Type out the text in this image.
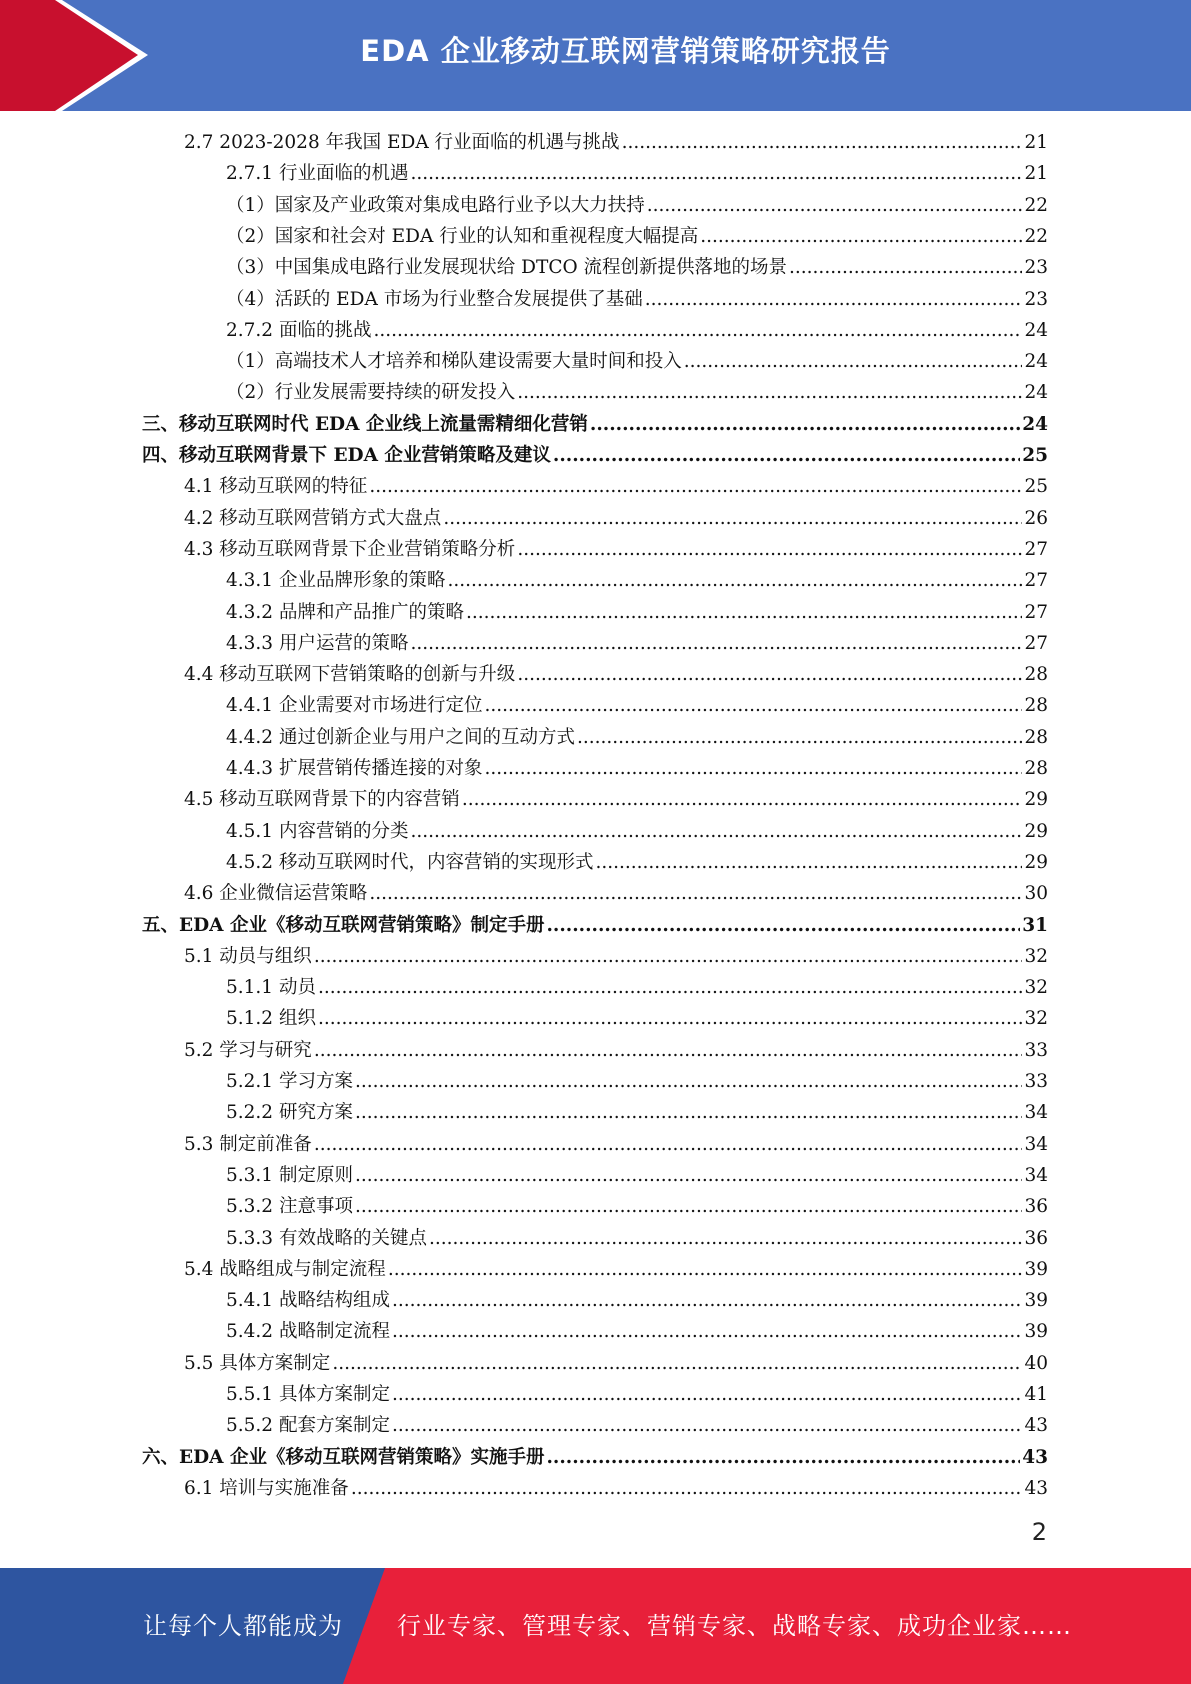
EDA 企业移动互联网营销策略研究报告
2.7 2023-2028 年我国 EDA 行业面临的机遇与挑战 .....	21
2.7.1 行业面临的机遇 .....	21
（1）国家及产业政策对集成电路行业予以大力扶持 .....	22
（2）国家和社会对 EDA 行业的认知和重视程度大幅提高 .....	22
（3）中国集成电路行业发展现状给 DTCO 流程创新提供落地的场景 .....	23
（4）活跃的 EDA 市场为行业整合发展提供了基础 .....	23
2.7.2 面临的挑战 .....	24
（1）高端技术人才培养和梯队建设需要大量时间和投入 .....	24
（2）行业发展需要持续的研发投入 .....	24
三、移动互联网时代 EDA 企业线上流量需精细化营销 .....	24
四、移动互联网背景下 EDA 企业营销策略及建议 .....	25
4.1 移动互联网的特征 .....	25
4.2 移动互联网营销方式大盘点 .....	26
4.3 移动互联网背景下企业营销策略分析 .....	27
4.3.1 企业品牌形象的策略 .....	27
4.3.2 品牌和产品推广的策略 .....	27
4.3.3 用户运营的策略 .....	27
4.4 移动互联网下营销策略的创新与升级 .....	28
4.4.1 企业需要对市场进行定位 .....	28
4.4.2 通过创新企业与用户之间的互动方式 .....	28
4.4.3 扩展营销传播连接的对象 .....	28
4.5 移动互联网背景下的内容营销 .....	29
4.5.1 内容营销的分类 .....	29
4.5.2 移动互联网时代，内容营销的实现形式 .....	29
4.6 企业微信运营策略 .....	30
五、EDA 企业《移动互联网营销策略》制定手册 .....	31
5.1 动员与组织 .....	32
5.1.1 动员 .....	32
5.1.2 组织 .....	32
5.2 学习与研究 .....	33
5.2.1 学习方案 .....	33
5.2.2 研究方案 .....	34
5.3 制定前准备 .....	34
5.3.1 制定原则 .....	34
5.3.2 注意事项 .....	36
5.3.3 有效战略的关键点 .....	36
5.4 战略组成与制定流程 .....	39
5.4.1 战略结构组成 .....	39
5.4.2 战略制定流程 .....	39
5.5 具体方案制定 .....	40
5.5.1 具体方案制定 .....	41
5.5.2 配套方案制定 .....	43
六、EDA 企业《移动互联网营销策略》实施手册 .....	43
6.1 培训与实施准备 .....	43
2
让每个人都能成为 行业专家、管理专家、营销专家、战略专家、成功企业家……
